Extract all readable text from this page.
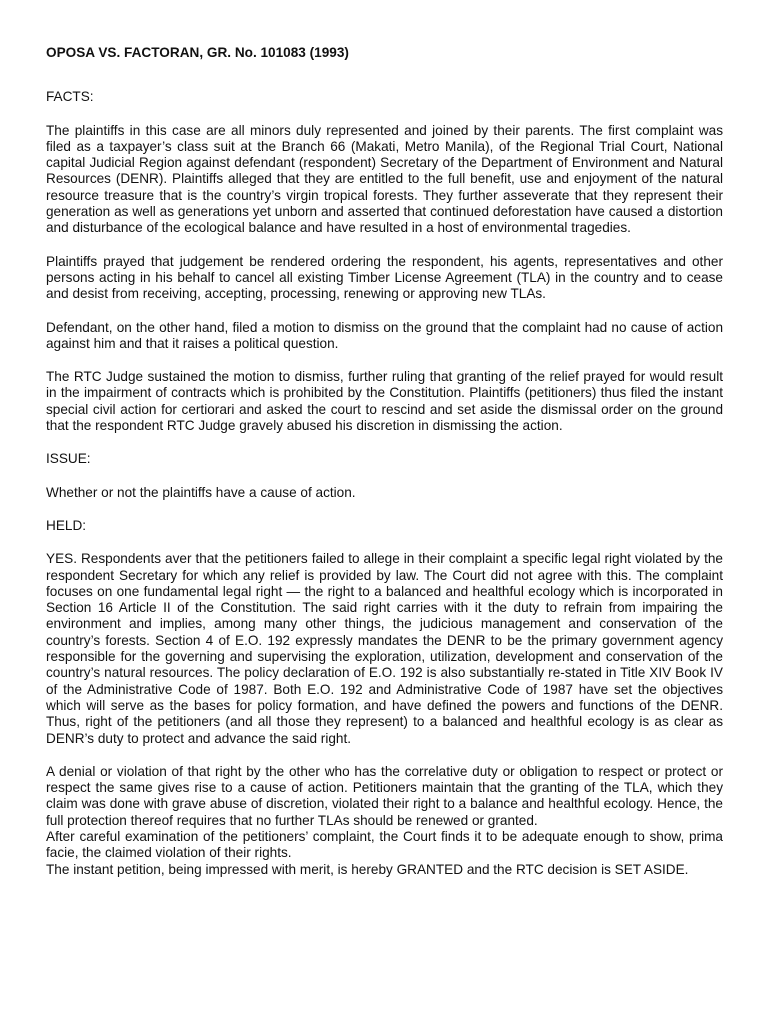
OPOSA VS. FACTORAN, GR. No. 101083 (1993)
FACTS:
The plaintiffs in this case are all minors duly represented and joined by their parents. The first complaint was filed as a taxpayer’s class suit at the Branch 66 (Makati, Metro Manila), of the Regional Trial Court, National capital Judicial Region against defendant (respondent) Secretary of the Department of Environment and Natural Resources (DENR). Plaintiffs alleged that they are entitled to the full benefit, use and enjoyment of the natural resource treasure that is the country’s virgin tropical forests. They further asseverate that they represent their generation as well as generations yet unborn and asserted that continued deforestation have caused a distortion and disturbance of the ecological balance and have resulted in a host of environmental tragedies.
Plaintiffs prayed that judgement be rendered ordering the respondent, his agents, representatives and other persons acting in his behalf to cancel all existing Timber License Agreement (TLA) in the country and to cease and desist from receiving, accepting, processing, renewing or approving new TLAs.
Defendant, on the other hand, filed a motion to dismiss on the ground that the complaint had no cause of action against him and that it raises a political question.
The RTC Judge sustained the motion to dismiss, further ruling that granting of the relief prayed for would result in the impairment of contracts which is prohibited by the Constitution. Plaintiffs (petitioners) thus filed the instant special civil action for certiorari and asked the court to rescind and set aside the dismissal order on the ground that the respondent RTC Judge gravely abused his discretion in dismissing the action.
ISSUE:
Whether or not the plaintiffs have a cause of action.
HELD:
YES. Respondents aver that the petitioners failed to allege in their complaint a specific legal right violated by the respondent Secretary for which any relief is provided by law. The Court did not agree with this. The complaint focuses on one fundamental legal right — the right to a balanced and healthful ecology which is incorporated in Section 16 Article II of the Constitution. The said right carries with it the duty to refrain from impairing the environment and implies, among many other things, the judicious management and conservation of the country’s forests. Section 4 of E.O. 192 expressly mandates the DENR to be the primary government agency responsible for the governing and supervising the exploration, utilization, development and conservation of the country’s natural resources. The policy declaration of E.O. 192 is also substantially re-stated in Title XIV Book IV of the Administrative Code of 1987. Both E.O. 192 and Administrative Code of 1987 have set the objectives which will serve as the bases for policy formation, and have defined the powers and functions of the DENR. Thus, right of the petitioners (and all those they represent) to a balanced and healthful ecology is as clear as DENR’s duty to protect and advance the said right.
A denial or violation of that right by the other who has the correlative duty or obligation to respect or protect or respect the same gives rise to a cause of action. Petitioners maintain that the granting of the TLA, which they claim was done with grave abuse of discretion, violated their right to a balance and healthful ecology. Hence, the full protection thereof requires that no further TLAs should be renewed or granted.
After careful examination of the petitioners’ complaint, the Court finds it to be adequate enough to show, prima facie, the claimed violation of their rights.
The instant petition, being impressed with merit, is hereby GRANTED and the RTC decision is SET ASIDE.
